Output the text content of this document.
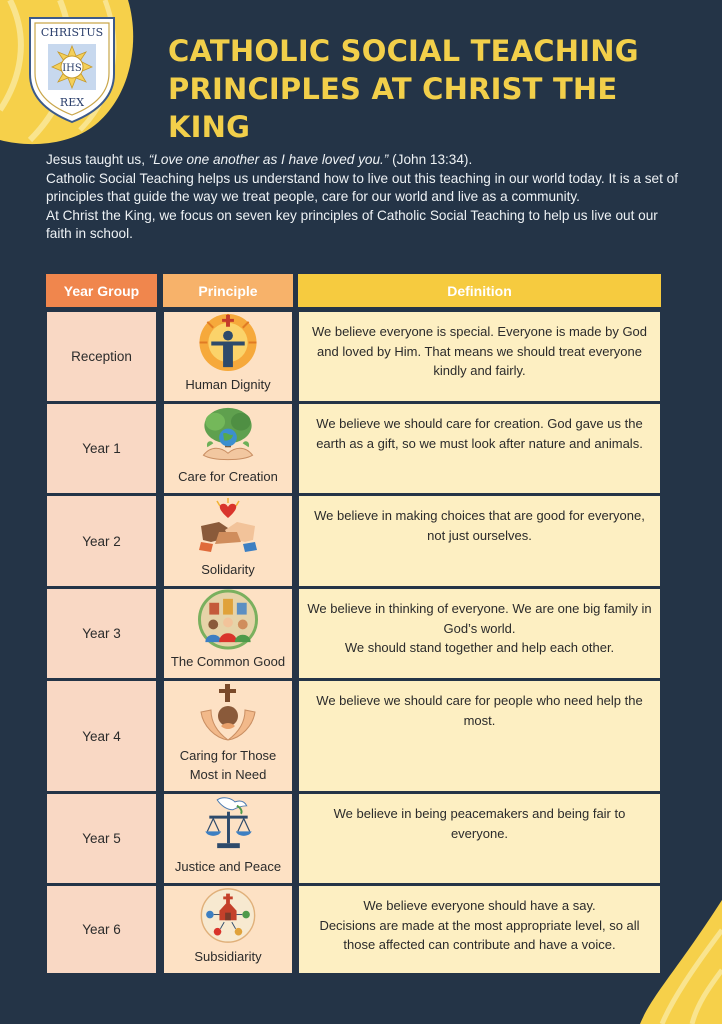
CHRISTUS
IHS
REX
CATHOLIC SOCIAL TEACHING PRINCIPLES AT CHRIST THE KING

Jesus taught us, “Love one another as I have loved you.” (John 13:34).

Catholic Social Teaching helps us understand how to live out this teaching in our world today. It is a set of principles that guide the way we treat people, care for our world and live as a community.

At Christ the King, we focus on seven key principles of Catholic Social Teaching to help us live out our faith in school.

Year Group	Principle	Definition
Reception
Human Dignity
We believe everyone is special. Everyone is made by God and loved by Him. That means we should treat everyone kindly and fairly.
Year 1
Care for Creation
We believe we should care for creation. God gave us the earth as a gift, so we must look after nature and animals.
Year 2
Solidarity
We believe in making choices that are good for everyone, not just ourselves.
Year 3
The Common Good
We believe in thinking of everyone. We are one big family in God’s world.
We should stand together and help each other.
Year 4
Caring for Those Most in Need
We believe we should care for people who need help the most.
Year 5
Justice and Peace
We believe in being peacemakers and being fair to everyone.
Year 6
Subsidiarity
We believe everyone should have a say.
Decisions are made at the most appropriate level, so all those affected can contribute and have a voice.
